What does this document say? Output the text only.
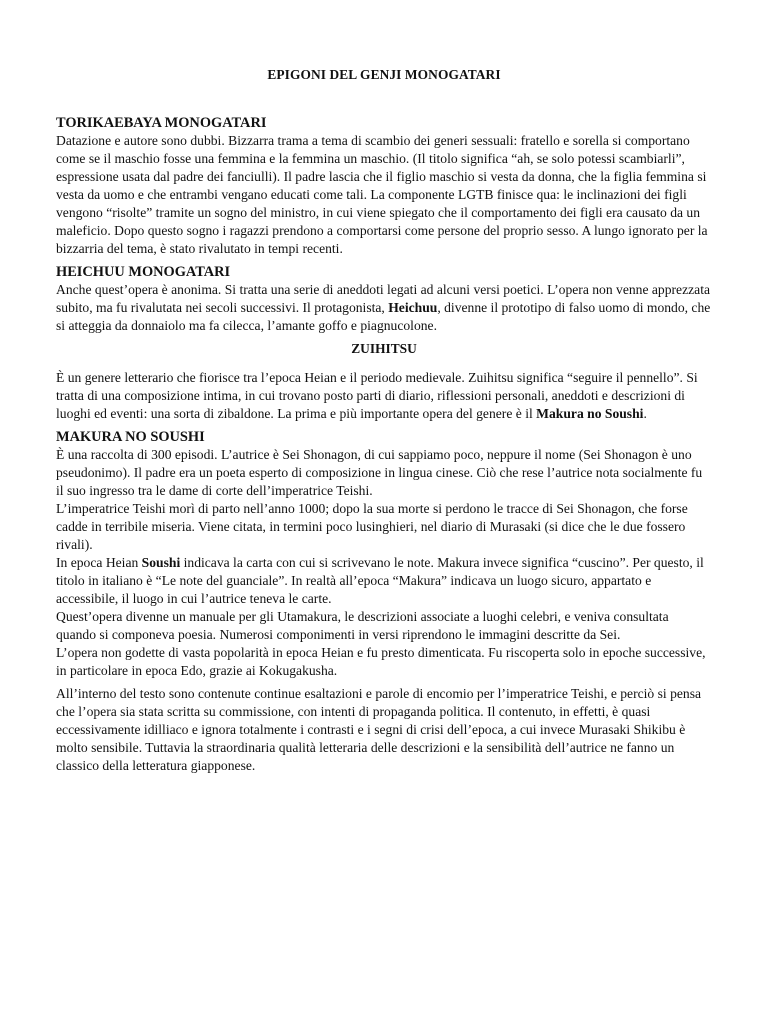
EPIGONI DEL GENJI MONOGATARI
TORIKAEBAYA MONOGATARI

Datazione e autore sono dubbi. Bizzarra trama a tema di scambio dei generi sessuali: fratello e sorella si comportano come se il maschio fosse una femmina e la femmina un maschio. (Il titolo significa “ah, se solo potessi scambiarli”, espressione usata dal padre dei fanciulli). Il padre lascia che il figlio maschio si vesta da donna, che la figlia femmina si vesta da uomo e che entrambi vengano educati come tali. La componente LGTB finisce qua: le inclinazioni dei figli vengono “risolte” tramite un sogno del ministro, in cui viene spiegato che il comportamento dei figli era causato da un maleficio. Dopo questo sogno i ragazzi prendono a comportarsi come persone del proprio sesso. A lungo ignorato per la bizzarria del tema, è stato rivalutato in tempi recenti.

HEICHUU MONOGATARI

Anche quest’opera è anonima. Si tratta una serie di aneddoti legati ad alcuni versi poetici. L’opera non venne apprezzata subito, ma fu rivalutata nei secoli successivi. Il protagonista, Heichuu, divenne il prototipo di falso uomo di mondo, che si atteggia da donnaiolo ma fa cilecca, l’amante goffo e piagnucolone.

ZUIHITSU

È un genere letterario che fiorisce tra l’epoca Heian e il periodo medievale. Zuihitsu significa “seguire il pennello”. Si tratta di una composizione intima, in cui trovano posto parti di diario, riflessioni personali, aneddoti e descrizioni di luoghi ed eventi: una sorta di zibaldone. La prima e più importante opera del genere è il Makura no Soushi.

MAKURA NO SOUSHI

È una raccolta di 300 episodi. L’autrice è Sei Shonagon, di cui sappiamo poco, neppure il nome (Sei Shonagon è uno pseudonimo). Il padre era un poeta esperto di composizione in lingua cinese. Ciò che rese l’autrice nota socialmente fu il suo ingresso tra le dame di corte dell’imperatrice Teishi.

L’imperatrice Teishi morì di parto nell’anno 1000; dopo la sua morte si perdono le tracce di Sei Shonagon, che forse cadde in terribile miseria. Viene citata, in termini poco lusinghieri, nel diario di Murasaki (si dice che le due fossero rivali).

In epoca Heian Soushi indicava la carta con cui si scrivevano le note. Makura invece significa “cuscino”. Per questo, il titolo in italiano è “Le note del guanciale”. In realtà all’epoca “Makura” indicava un luogo sicuro, appartato e accessibile, il luogo in cui l’autrice teneva le carte.

Quest’opera divenne un manuale per gli Utamakura, le descrizioni associate a luoghi celebri, e veniva consultata quando si componeva poesia. Numerosi componimenti in versi riprendono le immagini descritte da Sei.

L’opera non godette di vasta popolarità in epoca Heian e fu presto dimenticata. Fu riscoperta solo in epoche successive, in particolare in epoca Edo, grazie ai Kokugakusha.

All’interno del testo sono contenute continue esaltazioni e parole di encomio per l’imperatrice Teishi, e perciò si pensa che l’opera sia stata scritta su commissione, con intenti di propaganda politica. Il contenuto, in effetti, è quasi eccessivamente idilliaco e ignora totalmente i contrasti e i segni di crisi dell’epoca, a cui invece Murasaki Shikibu è molto sensibile. Tuttavia la straordinaria qualità letteraria delle descrizioni e la sensibilità dell’autrice ne fanno un classico della letteratura giapponese.
